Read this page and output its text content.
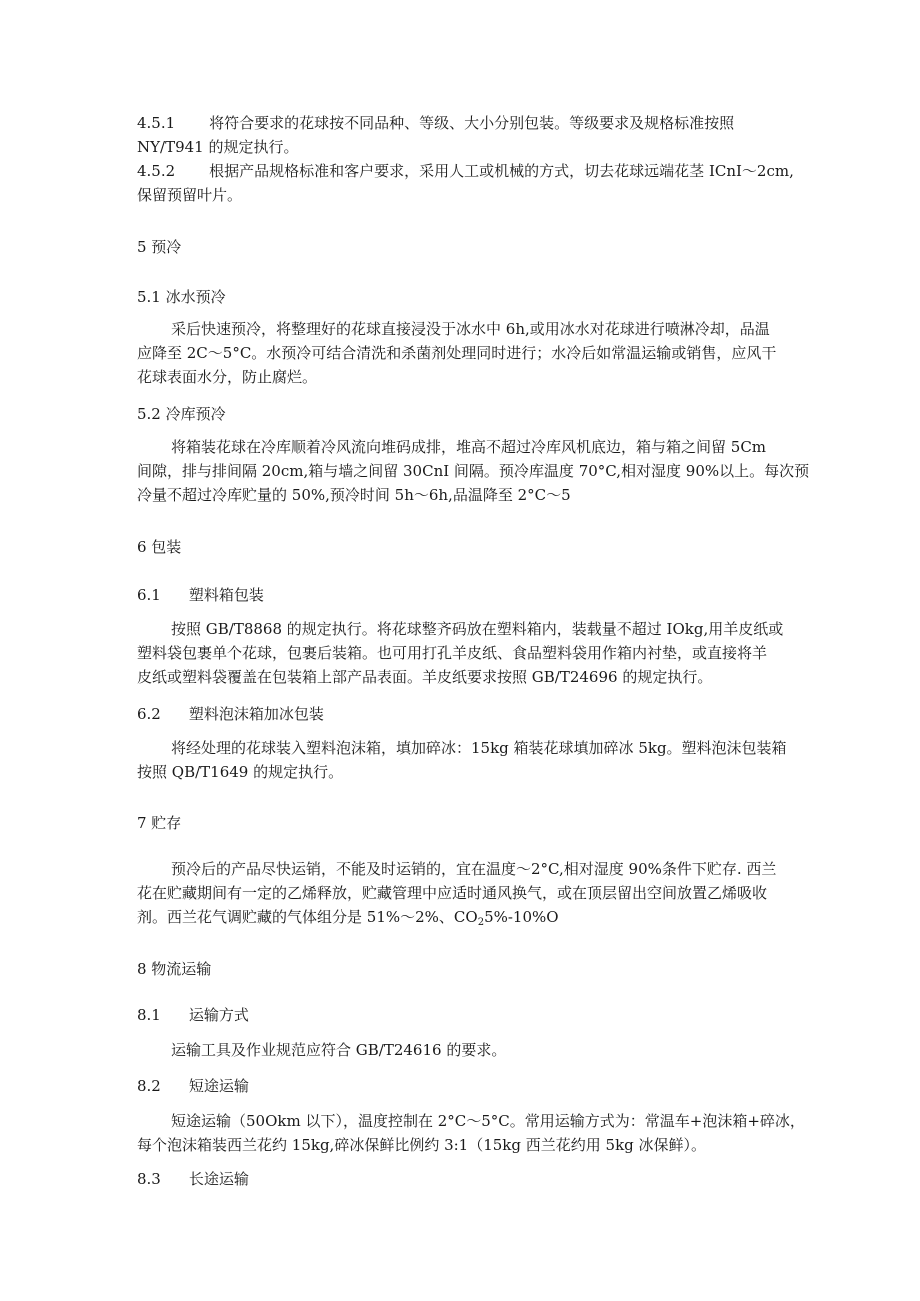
4.5.1 将符合要求的花球按不同品种、等级、大小分别包装。等级要求及规格标准按照
NY/T941 的规定执行。
4.5.2 根据产品规格标准和客户要求，采用人工或机械的方式，切去花球远端花茎 ICnI～2cm,
保留预留叶片。
5 预冷
5.1 冰水预冷
采后快速预冷，将整理好的花球直接浸没于冰水中 6h,或用冰水对花球进行喷淋冷却，品温
应降至 2C～5°C。水预冷可结合清洗和杀菌剂处理同时进行；水冷后如常温运输或销售，应风干
花球表面水分，防止腐烂。
5.2 冷库预冷
将箱装花球在冷库顺着冷风流向堆码成排，堆高不超过冷库风机底边，箱与箱之间留 5Cm
间隙，排与排间隔 20cm,箱与墙之间留 30CnI 间隔。预冷库温度 70°C,相对湿度 90%以上。每次预
冷量不超过冷库贮量的 50%,预冷时间 5h～6h,品温降至 2°C～5
6 包装
6.1 塑料箱包装
按照 GB/T8868 的规定执行。将花球整齐码放在塑料箱内，装载量不超过 IOkg,用羊皮纸或
塑料袋包裹单个花球，包裹后装箱。也可用打孔羊皮纸、食品塑料袋用作箱内衬垫，或直接将羊
皮纸或塑料袋覆盖在包装箱上部产品表面。羊皮纸要求按照 GB/T24696 的规定执行。
6.2 塑料泡沫箱加冰包装
将经处理的花球装入塑料泡沫箱，填加碎冰：15kg 箱装花球填加碎冰 5kg。塑料泡沫包装箱
按照 QB/T1649 的规定执行。
7 贮存
预冷后的产品尽快运销，不能及时运销的，宜在温度～2°C,相对湿度 90%条件下贮存. 西兰
花在贮藏期间有一定的乙烯释放，贮藏管理中应适时通风换气，或在顶层留出空间放置乙烯吸收
剂。西兰花气调贮藏的气体组分是 51%～2%、$CO_25\%-10\%O$
8 物流运输
8.1 运输方式
运输工具及作业规范应符合 GB/T24616 的要求。
8.2 短途运输
短途运输（50Okm 以下），温度控制在 2°C～5°C。常用运输方式为：常温车+泡沫箱+碎冰，
每个泡沫箱装西兰花约 15kg,碎冰保鲜比例约 3:1（15kg 西兰花约用 5kg 冰保鲜）。
8.3 长途运输
